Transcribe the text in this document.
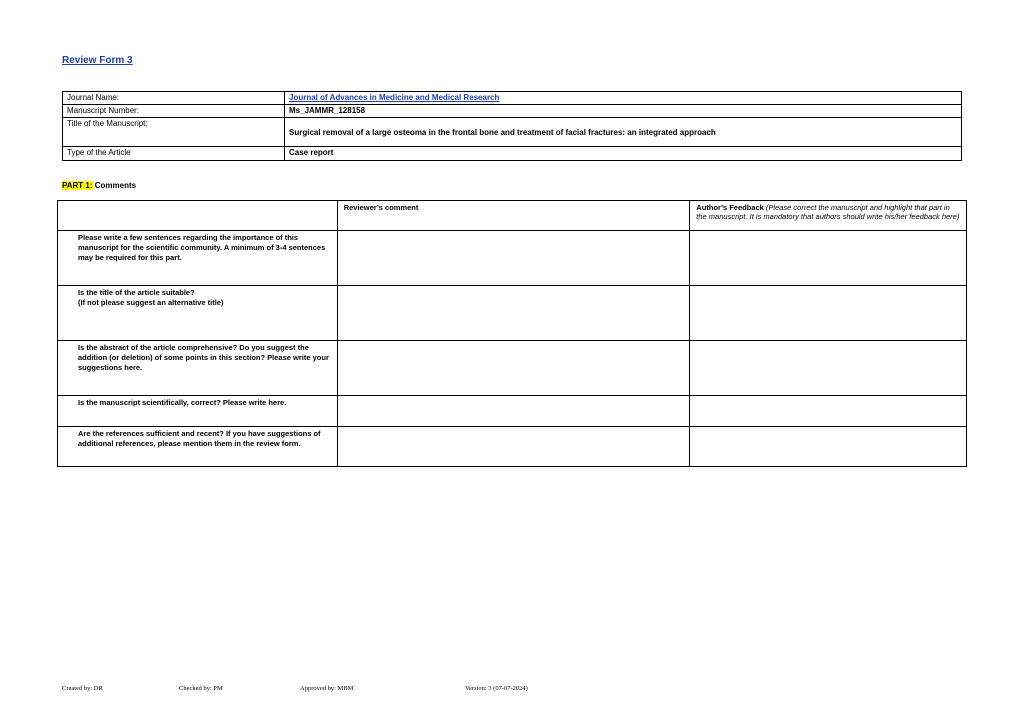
Review Form 3
Journal Name:	Journal of Advances in Medicine and Medical Research
Manuscript Number:	Ms_JAMMR_128158
Title of the Manuscript:	Surgical removal of a large osteoma in the frontal bone and treatment of facial fractures: an integrated approach
Type of the Article	Case report
PART 1: Comments
	Reviewer’s comment	Author’s Feedback (Please correct the manuscript and highlight that part in the manuscript. It is mandatory that authors should write his/her feedback here)
Please write a few sentences regarding the importance of this manuscript for the scientific community. A minimum of 3-4 sentences may be required for this part.		
Is the title of the article suitable?
(If not please suggest an alternative title)		
Is the abstract of the article comprehensive? Do you suggest the addition (or deletion) of some points in this section? Please write your suggestions here.		
Is the manuscript scientifically, correct? Please write here.		
Are the references sufficient and recent? If you have suggestions of additional references, please mention them in the review form.		
Created by: DR	Checked by: PM	Approved by: MBM	Version: 3 (07-07-2024)
